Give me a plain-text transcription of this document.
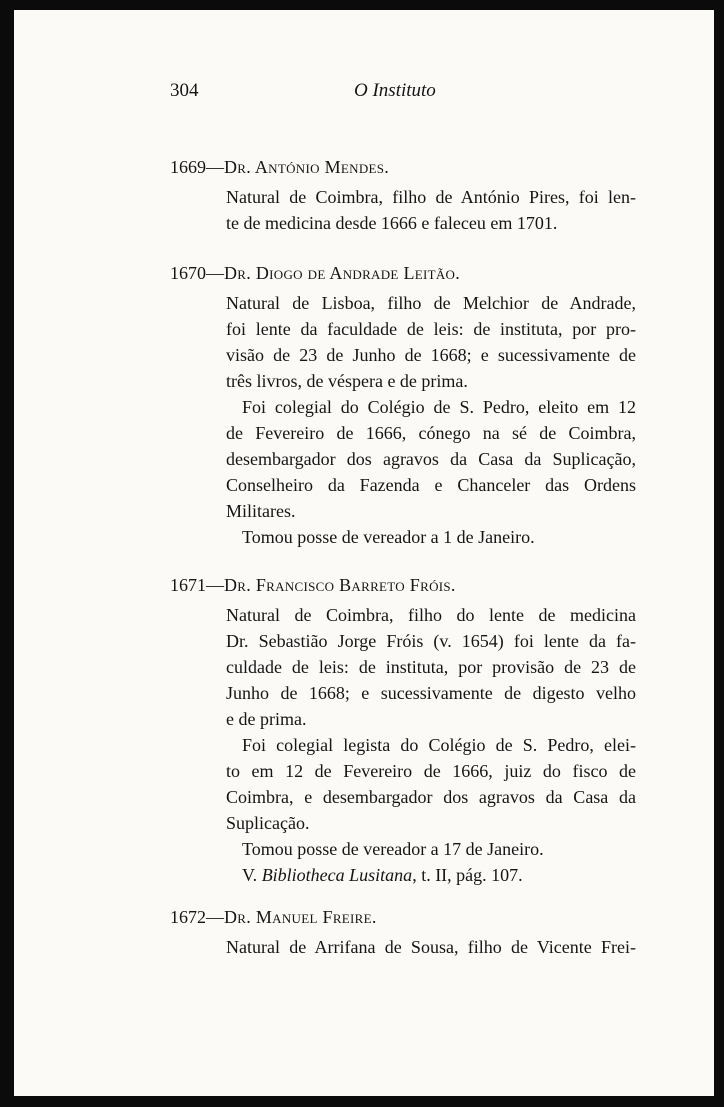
304	O Instituto
1669—Dr. António Mendes.
Natural de Coimbra, filho de António Pires, foi len-
te de medicina desde 1666 e faleceu em 1701.
1670—Dr. Diogo de Andrade Leitão.
Natural de Lisboa, filho de Melchior de Andrade,
foi lente da faculdade de leis: de instituta, por pro-
visão de 23 de Junho de 1668; e sucessivamente de
três livros, de véspera e de prima.
Foi colegial do Colégio de S. Pedro, eleito em 12
de Fevereiro de 1666, cónego na sé de Coimbra,
desembargador dos agravos da Casa da Suplicação,
Conselheiro da Fazenda e Chanceler das Ordens
Militares.
Tomou posse de vereador a 1 de Janeiro.
1671—Dr. Francisco Barreto Fróis.
Natural de Coimbra, filho do lente de medicina
Dr. Sebastião Jorge Fróis (v. 1654) foi lente da fa-
culdade de leis: de instituta, por provisão de 23 de
Junho de 1668; e sucessivamente de digesto velho
e de prima.
Foi colegial legista do Colégio de S. Pedro, elei-
to em 12 de Fevereiro de 1666, juiz do fisco de
Coimbra, e desembargador dos agravos da Casa da
Suplicação.
Tomou posse de vereador a 17 de Janeiro.
V. Bibliotheca Lusitana, t. II, pág. 107.
1672—Dr. Manuel Freire.
Natural de Arrifana de Sousa, filho de Vicente Frei-
